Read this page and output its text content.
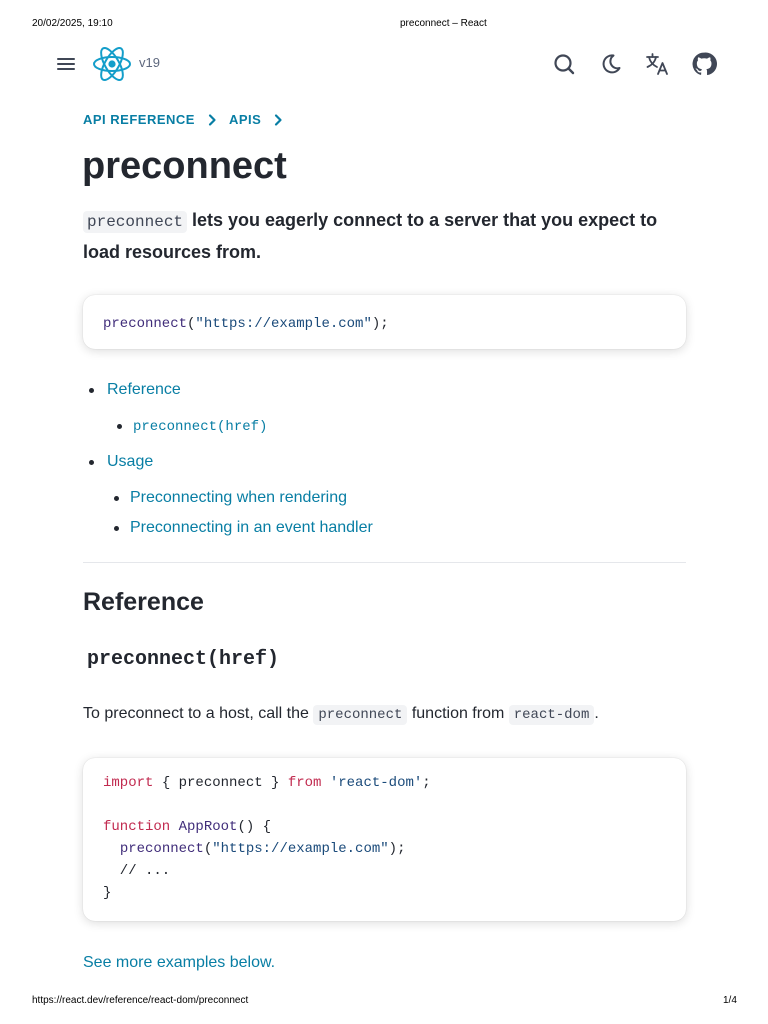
20/02/2025, 19:10	preconnect – React
v19
API REFERENCE	APIS
preconnect

preconnect lets you eagerly connect to a server that you expect to load resources from.

preconnect("https://example.com");
Reference
preconnect(href)
Usage
Preconnecting when rendering
Preconnecting in an event handler
Reference
preconnect(href)

To preconnect to a host, call the preconnect function from react-dom .

import { preconnect } from 'react-dom';
function AppRoot() {
preconnect("https://example.com");
// ...
}
See more examples below.
https://react.dev/reference/react-dom/preconnect	1/4
